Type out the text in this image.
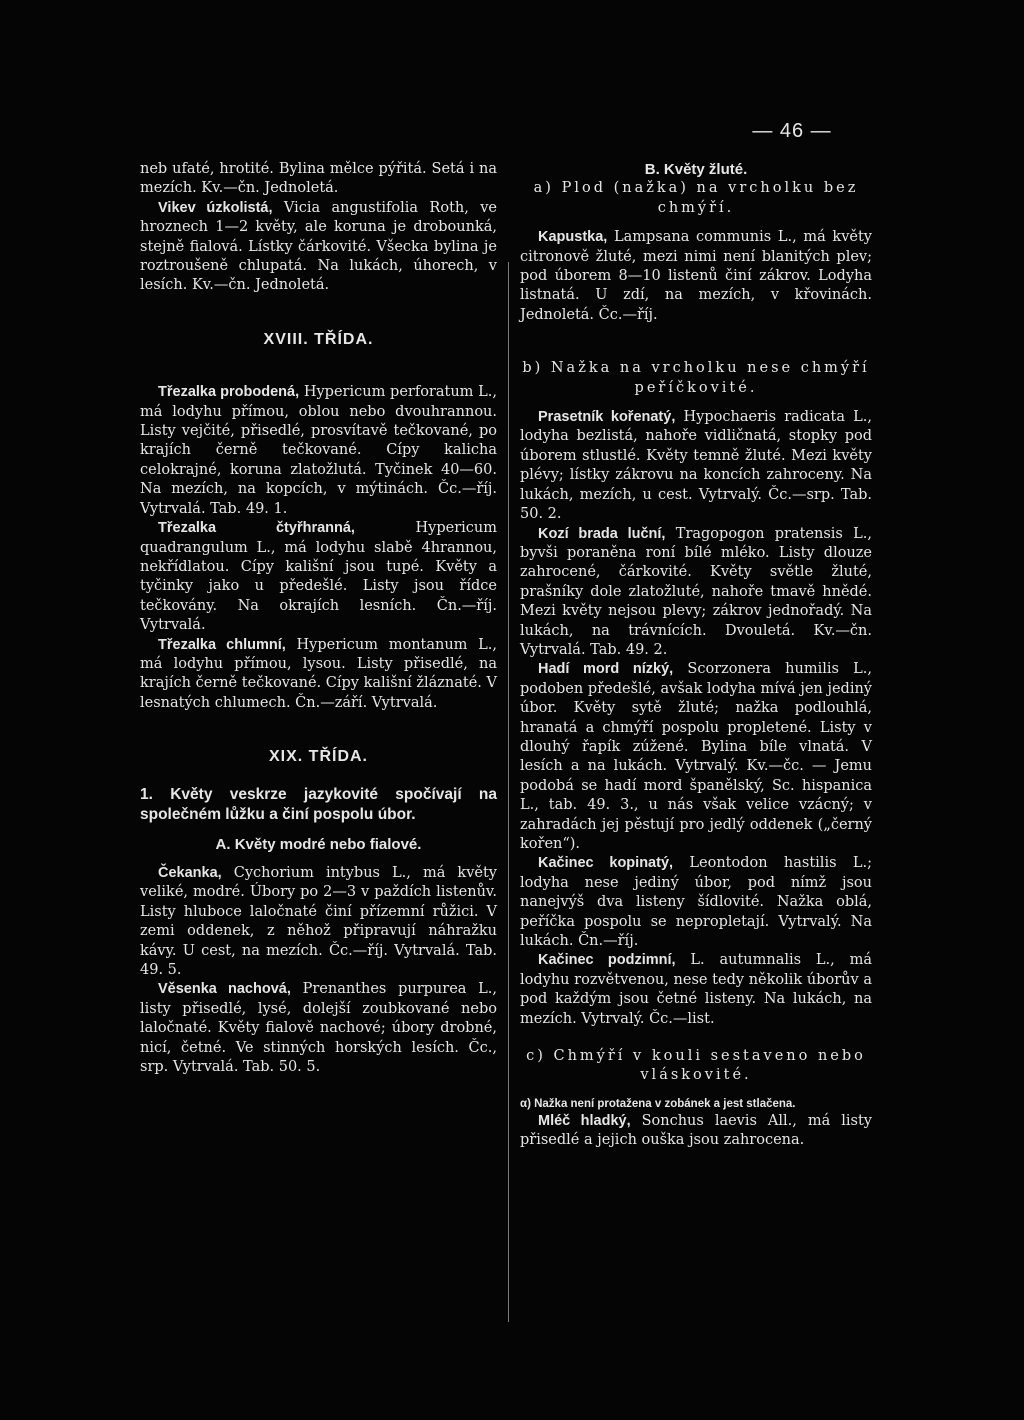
— 46 —

neb ufaté, hrotité. Bylina mělce pýřitá. Setá i na mezích. Kv.—čn. Jednoletá.

Vikev úzkolistá, Vicia angustifolia Roth, ve hroznech 1—2 květy, ale koruna je drobounká, stejně fialová. Lístky čárkovité. Všecka bylina je roztroušeně chlupatá. Na lukách, úhorech, v lesích. Kv.—čn. Jednoletá.

XVIII. TŘÍDA.

Třezalka probodená, Hypericum perforatum L., má lodyhu přímou, oblou nebo dvouhrannou. Listy vejčité, přisedlé, prosvítavě tečkované, po krajích černě tečkované. Cípy kalicha celokrajné, koruna zlatožlutá. Tyčinek 40—60. Na mezích, na kopcích, v mýtinách. Čc.—říj. Vytrvalá. Tab. 49. 1.

Třezalka čtyřhranná,	Hypericum quadrangulum L., má lodyhu slabě 4hrannou, nekřídlatou. Cípy kališní jsou tupé. Květy a tyčinky jako u předešlé. Listy jsou řídce tečkovány. Na okrajích lesních. Čn.—říj. Vytrvalá.

Třezalka chlumní, Hypericum montanum L., má lodyhu přímou, lysou. Listy přisedlé, na krajích černě tečkované. Cípy kališní žláznaté. V lesnatých chlumech. Čn.—září. Vytrvalá.

XIX. TŘÍDA.

1. Květy veskrze jazykovité spočívají na společném lůžku a činí pospolu úbor.

A. Květy modré nebo fialové.

Čekanka, Cychorium intybus L., má květy veliké, modré. Úbory po 2—3 v paždích listenův. Listy hluboce laločnaté činí přízemní růžici. V zemi oddenek, z něhož připravují náhražku kávy. U cest, na mezích. Čc.—říj. Vytrvalá. Tab. 49. 5.

Věsenka nachová, Prenanthes purpurea L., listy přisedlé, lysé, dolejší zoubkované nebo laločnaté. Květy fialově nachové; úbory drobné, nicí, četné. Ve stinných horských lesích. Čc., srp. Vytrvalá. Tab. 50. 5.

B. Květy žluté.

a) Plod (nažka) na vrcholku bez chmýří.

Kapustka, Lampsana communis L., má květy citronově žluté, mezi nimi není blanitých plev; pod úborem 8—10 listenů činí zákrov. Lodyha listnatá. U zdí, na mezích, v křovinách. Jednoletá. Čc.—říj.

b) Nažka na vrcholku nese chmýří peříčkovité.

Prasetník kořenatý, Hypochaeris radicata L., lodyha bezlistá, nahoře vidličnatá, stopky pod úborem stlustlé. Květy temně žluté. Mezi květy plévy; lístky zákrovu na koncích zahroceny. Na lukách, mezích, u cest. Vytrvalý. Čc.—srp. Tab. 50. 2.

Kozí brada luční, Tragopogon pratensis L., byvši poraněna roní bílé mléko. Listy dlouze zahrocené, čárkovité. Květy světle žluté, prašníky dole zlatožluté, nahoře tmavě hnědé. Mezi květy nejsou plevy; zákrov jednořadý. Na lukách, na trávnících. Dvouletá. Kv.—čn. Vytrvalá. Tab. 49. 2.

Hadí mord nízký, Scorzonera humilis L., podoben předešlé, avšak lodyha mívá jen jediný úbor. Květy sytě žluté; nažka podlouhlá, hranatá a chmýří pospolu propletené. Listy v dlouhý řapík zúžené. Bylina bíle vlnatá. V lesích a na lukách. Vytrvalý. Kv.—čc. — Jemu podobá se hadí mord španělský, Sc. hispanica L., tab. 49. 3., u nás však velice vzácný; v zahradách jej pěstují pro jedlý oddenek („černý kořen“).

Kačinec kopinatý, Leontodon hastilis L.; lodyha nese jediný úbor, pod nímž jsou nanejvýš dva listeny šídlovité. Nažka oblá, peříčka pospolu se nepropletají. Vytrvalý. Na lukách. Čn.—říj.

Kačinec podzimní, L. autumnalis L., má lodyhu rozvětvenou, nese tedy několik úborův a pod každým jsou četné listeny. Na lukách, na mezích. Vytrvalý. Čc.—list.

c) Chmýří v kouli sestaveno nebo vláskovité.

α) Nažka není protažena v zobánek a jest stlačena.

Mléč hladký, Sonchus laevis All., má listy přisedlé a jejich ouška jsou zahrocena.
